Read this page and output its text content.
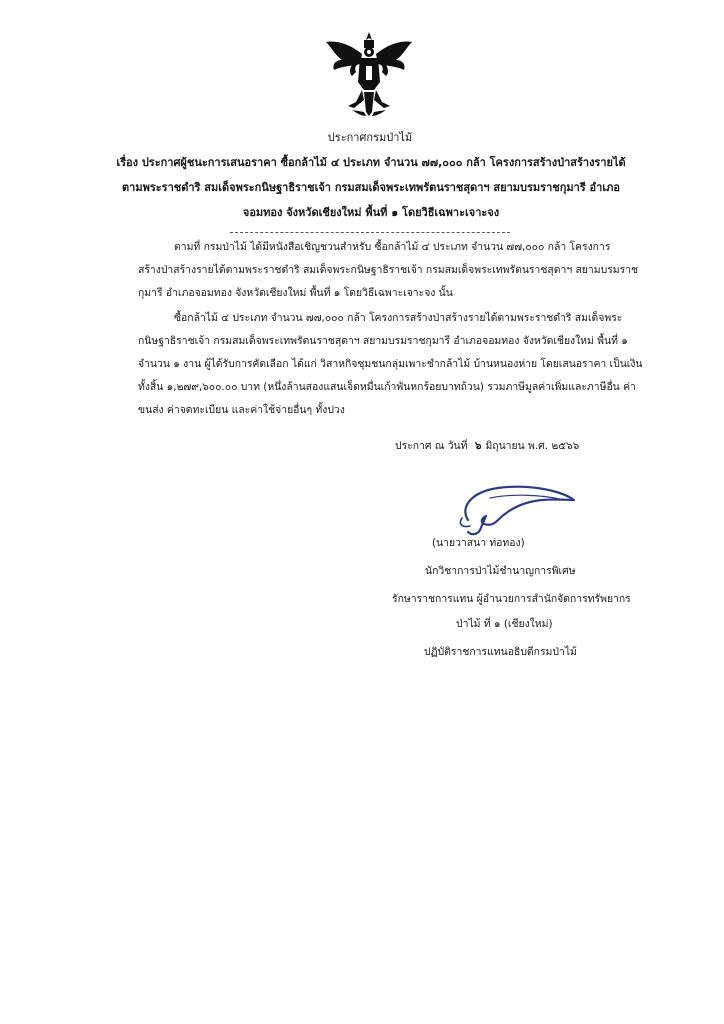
ประกาศกรมป่าไม้
เรื่อง ประกาศผู้ชนะการเสนอราคา ซื้อกล้าไม้ ๔ ประเภท จำนวน ๗๗,๐๐๐ กล้า โครงการสร้างป่าสร้างรายได้
ตามพระราชดำริ สมเด็จพระกนิษฐาธิราชเจ้า กรมสมเด็จพระเทพรัตนราชสุดาฯ สยามบรมราชกุมารี อำเภอ
จอมทอง จังหวัดเชียงใหม่ พื้นที่ ๑ โดยวิธีเฉพาะเจาะจง
ตามที่ กรมป่าไม้ ได้มีหนังสือเชิญชวนสำหรับ ซื้อกล้าไม้ ๔ ประเภท จำนวน ๗๗,๐๐๐ กล้า โครงการ
สร้างป่าสร้างรายได้ตามพระราชดำริ สมเด็จพระกนิษฐาธิราชเจ้า กรมสมเด็จพระเทพรัตนราชสุดาฯ สยามบรมราช
กุมารี อำเภอจอมทอง จังหวัดเชียงใหม่ พื้นที่ ๑ โดยวิธีเฉพาะเจาะจง นั้น
ซื้อกล้าไม้ ๔ ประเภท จำนวน ๗๗,๐๐๐ กล้า โครงการสร้างป่าสร้างรายได้ตามพระราชดำริ สมเด็จพระ
กนิษฐาธิราชเจ้า กรมสมเด็จพระเทพรัตนราชสุดาฯ สยามบรมราชกุมารี อำเภอจอมทอง จังหวัดเชียงใหม่ พื้นที่ ๑
จำนวน ๑ งาน ผู้ได้รับการคัดเลือก ได้แก่ วิสาหกิจชุมชนกลุ่มเพาะชำกล้าไม้ บ้านหนองห่าย โดยเสนอราคา เป็นเงิน
ทั้งสิ้น ๑,๒๗๙,๖๐๐.๐๐ บาท (หนึ่งล้านสองแสนเจ็ดหมื่นเก้าพันหกร้อยบาทถ้วน) รวมภาษีมูลค่าเพิ่มและภาษีอื่น ค่า
ขนส่ง ค่าจดทะเบียน และค่าใช้จ่ายอื่นๆ ทั้งปวง
ประกาศ ณ วันที่ ๖ มิถุนายน พ.ศ. ๒๕๖๖
(นายวาสนา ท่อทอง)
นักวิชาการป่าไม้ชำนาญการพิเศษ
รักษาราชการแทน ผู้อำนวยการสำนักจัดการทรัพยากร
ป่าไม้ ที่ ๑ (เชียงใหม่)
ปฏิบัติราชการแทนอธิบดีกรมป่าไม้
